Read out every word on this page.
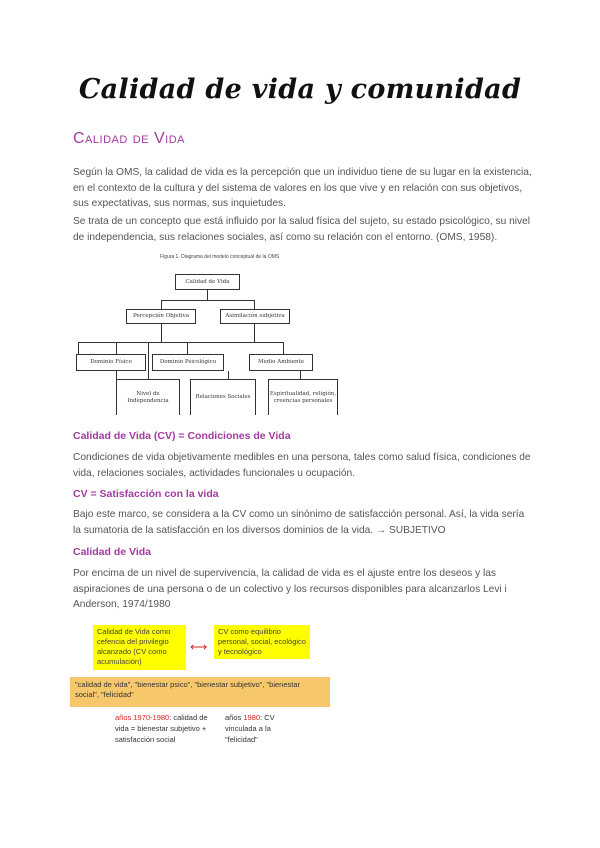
Calidad de vida y comunidad
Calidad de Vida

Según la OMS, la calidad de vida es la percepción que un individuo tiene de su lugar en la existencia, en el contexto de la cultura y del sistema de valores en los que vive y en relación con sus objetivos, sus expectativas, sus normas, sus inquietudes.

Se trata de un concepto que está influido por la salud física del sujeto, su estado psicológico, su nivel de independencia, sus relaciones sociales, así como su relación con el entorno. (OMS, 1958).

Figura 1. Diagrama del modelo conceptual de la OMS
Calidad de Vida
Percepción Objetiva	Asimilación subjetiva
Dominio Físico	Dominio Psicológico	Medio Ambiente
Nivel de Independencia
Relaciones Sociales
Espiritualidad, religión, creencias personales
Calidad de Vida (CV) = Condiciones de Vida

Condiciones de vida objetivamente medibles en una persona, tales como salud física, condiciones de vida, relaciones sociales, actividades funcionales u ocupación.

CV = Satisfacción con la vida

Bajo este marco, se considera a la CV como un sinónimo de satisfacción personal. Así, la vida sería la sumatoria de la satisfacción en los diversos dominios de la vida. → SUBJETIVO

Calidad de Vida

Por encima de un nivel de supervivencia, la calidad de vida es el ajuste entre los deseos y las aspiraciones de una persona o de un colectivo y los recursos disponibles para alcanzarlos Levi i Anderson, 1974/1980

Calidad de Vida como cefencia del privilegio alcanzado (CV como acumulación)
⟷
CV como equilibrio personal, social, ecológico y tecnológico
"calidad de vida", "bienestar psico", "bienestar subjetivo", "bienestar social", "felicidad"
años 1970-1980: calidad de vida = bienestar subjetivo + satisfacción social
años 1980: CV vinculada a la "felicidad"
